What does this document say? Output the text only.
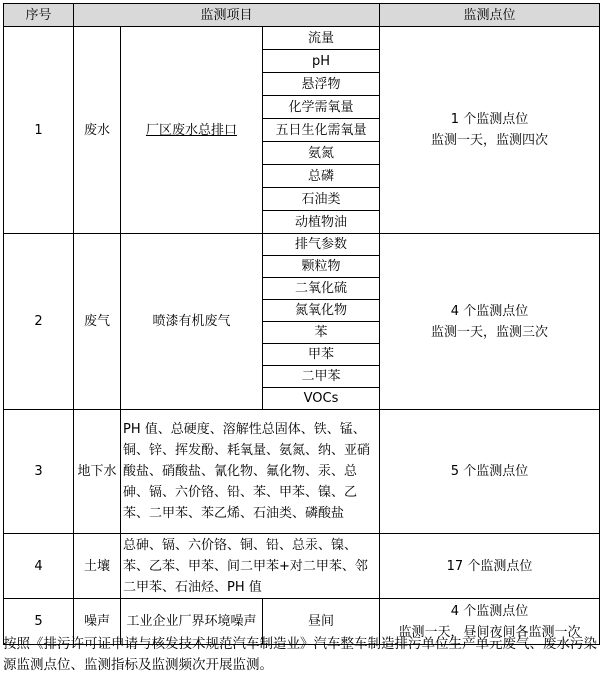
序号	监测项目			监测点位
1	废水	厂区废水总排口	流量	1 个监测点位
监测一天，监测四次

			pH	
			悬浮物	
			化学需氧量	
			五日生化需氧量	
			氨氮	
			总磷	
			石油类	
			动植物油	
2	废气	喷漆有机废气	排气参数	4 个监测点位
监测一天，监测三次

			颗粒物	
			二氧化硫	
			氮氧化物	
			苯	
			甲苯	
			二甲苯	
			VOCs	
3	地下水	PH 值、总硬度、溶解性总固体、铁、锰、铜、锌、挥发酚、耗氧量、氨氮、纳、亚硝酸盐、硝酸盐、氰化物、氟化物、汞、总砷、镉、六价铬、铅、苯、甲苯、镍、乙苯、二甲苯、苯乙烯、石油类、磷酸盐		5 个监测点位

4	土壤	总砷、镉、六价铬、铜、铅、总汞、镍、苯、乙苯、甲苯、间二甲苯+对二甲苯、邻二甲苯、石油烃、PH 值		17 个监测点位

5	噪声	工业企业厂界环境噪声	昼间	4 个监测点位
监测一天，昼间夜间各监测一次
按照《排污许可证申请与核发技术规范汽车制造业》汽车整车制造排污单位生产单元废气、废水污染源监测点位、监测指标及监测频次开展监测。
